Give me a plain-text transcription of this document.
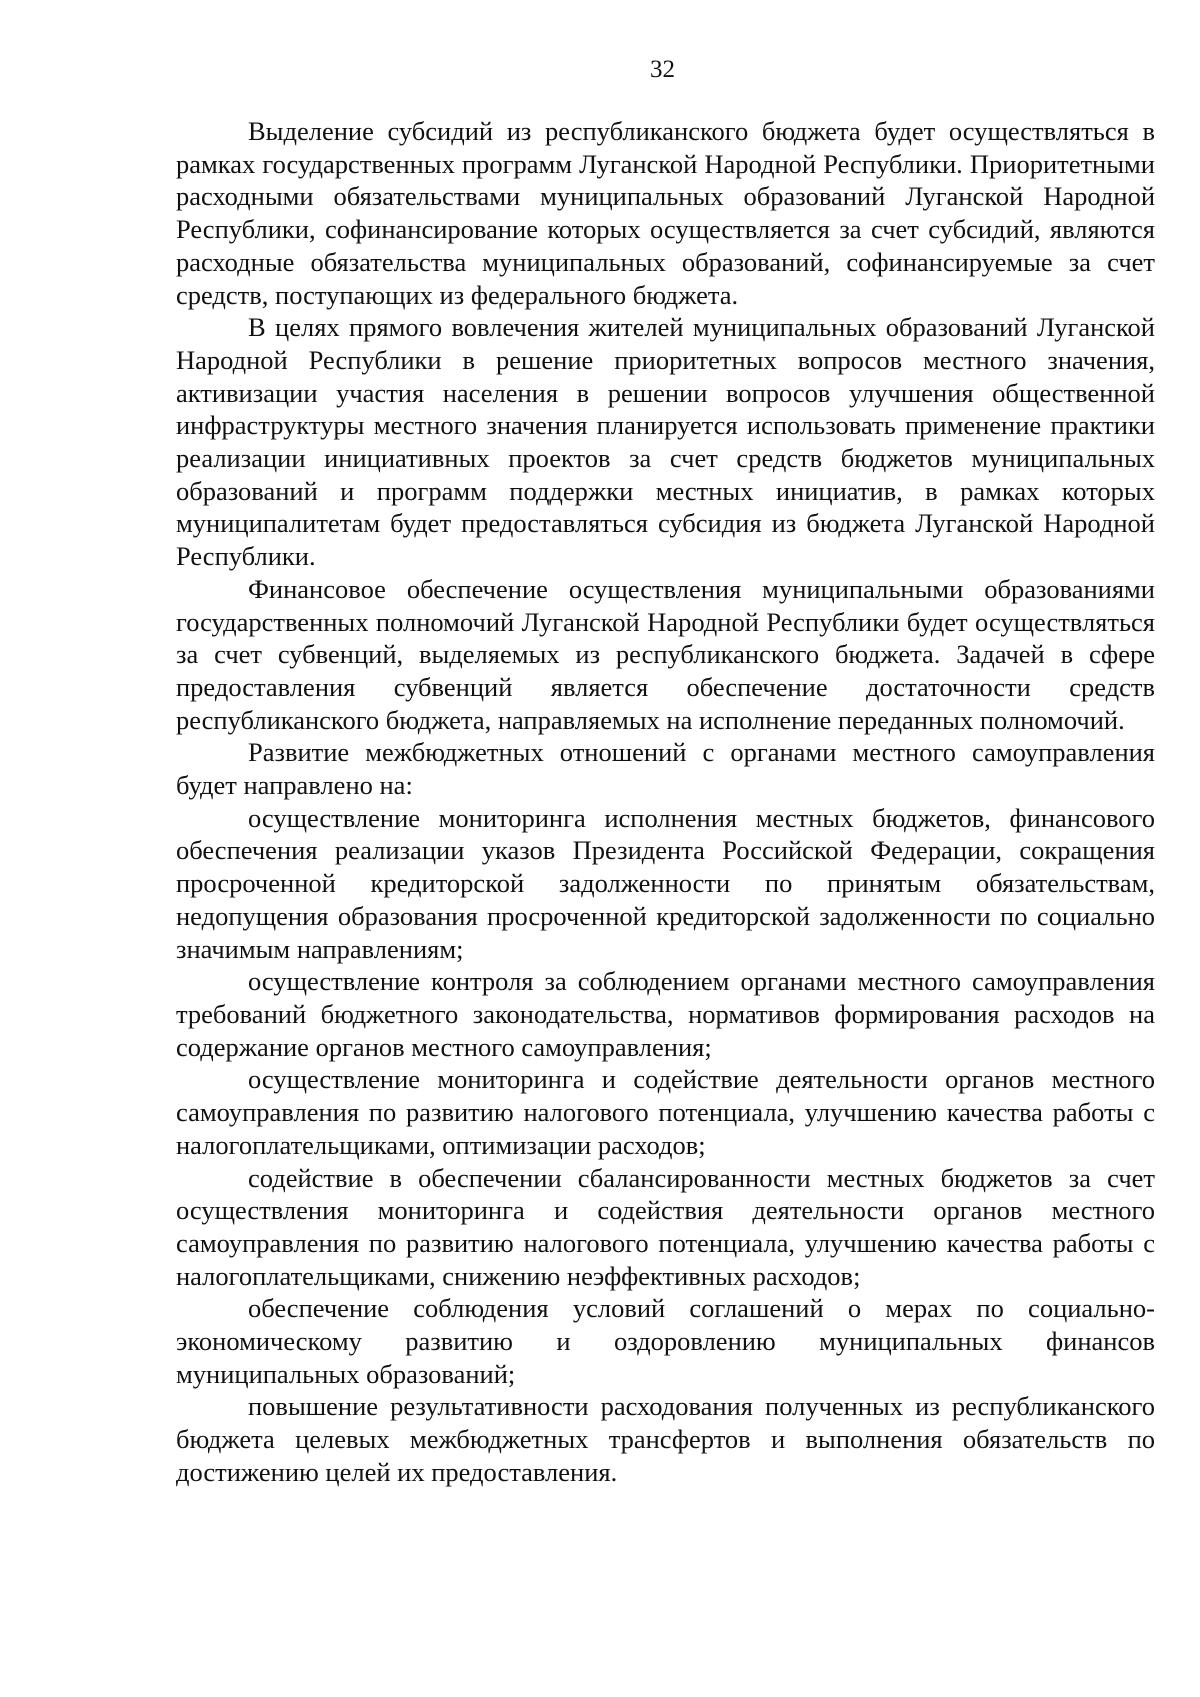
32

Выделение субсидий из республиканского бюджета будет осуществляться в рамках государственных программ Луганской Народной Республики. Приоритетными расходными обязательствами муниципальных образований Луганской Народной Республики, софинансирование которых осуществляется за счет субсидий, являются расходные обязательства муниципальных образований, софинансируемые за счет средств, поступающих из федерального бюджета.

В целях прямого вовлечения жителей муниципальных образований Луганской Народной Республики в решение приоритетных вопросов местного значения, активизации участия населения в решении вопросов улучшения общественной инфраструктуры местного значения планируется использовать применение практики реализации инициативных проектов за счет средств бюджетов муниципальных образований и программ поддержки местных инициатив, в рамках которых муниципалитетам будет предоставляться субсидия из бюджета Луганской Народной Республики.

Финансовое обеспечение осуществления муниципальными образованиями государственных полномочий Луганской Народной Республики будет осуществляться за счет субвенций, выделяемых из республиканского бюджета. Задачей в сфере предоставления субвенций является обеспечение достаточности средств республиканского бюджета, направляемых на исполнение переданных полномочий.

Развитие межбюджетных отношений с органами местного самоуправления будет направлено на:

осуществление мониторинга исполнения местных бюджетов, финансового обеспечения реализации указов Президента Российской Федерации, сокращения просроченной кредиторской задолженности по принятым обязательствам, недопущения образования просроченной кредиторской задолженности по социально значимым направлениям;

осуществление контроля за соблюдением органами местного самоуправления требований бюджетного законодательства, нормативов формирования расходов на содержание органов местного самоуправления;

осуществление мониторинга и содействие деятельности органов местного самоуправления по развитию налогового потенциала, улучшению качества работы с налогоплательщиками, оптимизации расходов;

содействие в обеспечении сбалансированности местных бюджетов за счет осуществления мониторинга и содействия деятельности органов местного самоуправления по развитию налогового потенциала, улучшению качества работы с налогоплательщиками, снижению неэффективных расходов;

обеспечение соблюдения условий соглашений о мерах по социально-экономическому развитию и оздоровлению муниципальных финансов муниципальных образований;

повышение результативности расходования полученных из республиканского бюджета целевых межбюджетных трансфертов и выполнения обязательств по достижению целей их предоставления.
